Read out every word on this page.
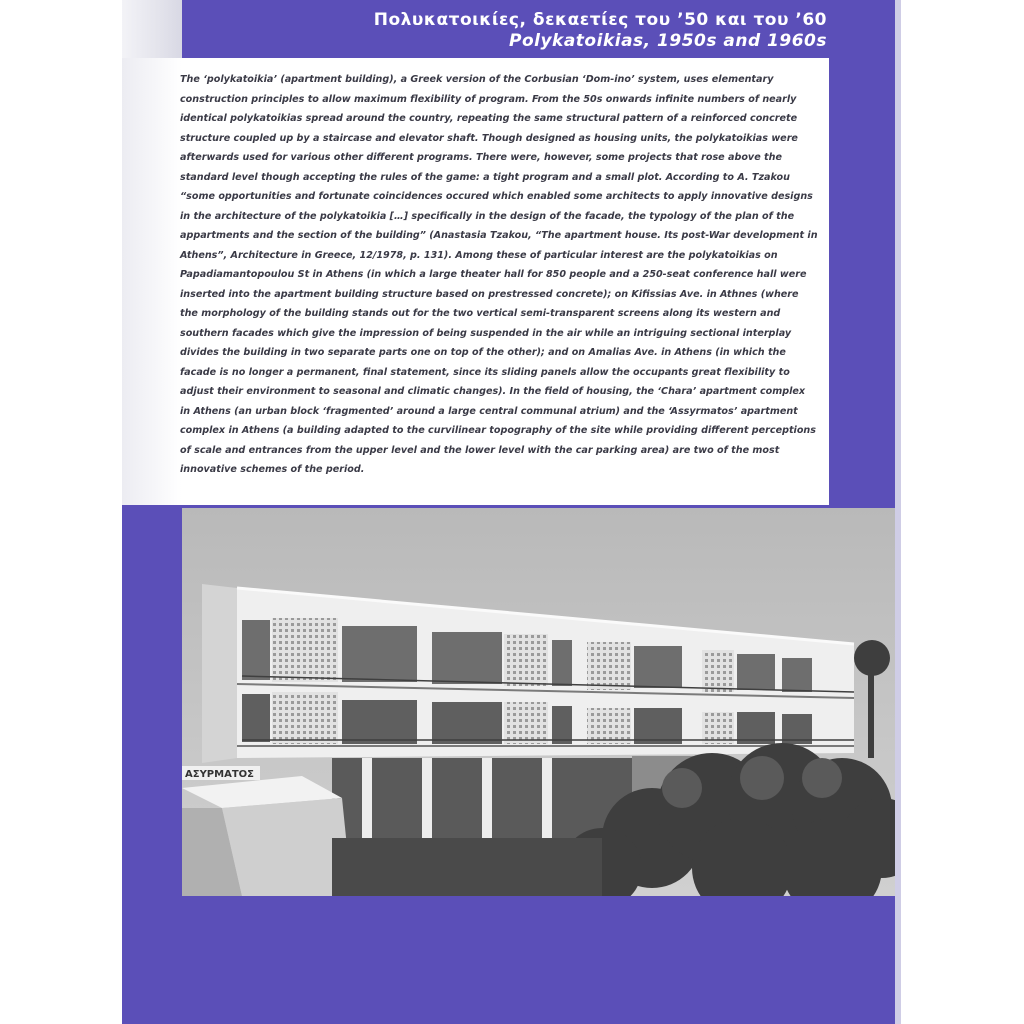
Πολυκατοικίες, δεκαετίες του ’50 και του ’60
Polykatoikias, 1950s and 1960s

The ‘polykatoikia’ (apartment building), a Greek version of the Corbusian ‘Dom-ino’ system, uses elementary construction principles to allow maximum flexibility of program. From the 50s onwards infinite numbers of nearly identical polykatoikias spread around the country, repeating the same structural pattern of a reinforced concrete structure coupled up by a staircase and elevator shaft. Though designed as housing units, the polykatoikias were afterwards used for various other different programs. There were, however, some projects that rose above the standard level though accepting the rules of the game: a tight program and a small plot. According to A. Tzakou “some opportunities and fortunate coincidences occured which enabled some architects to apply innovative designs in the architecture of the polykatoikia […] specifically in the design of the facade, the typology of the plan of the appartments and the section of the building” (Anastasia Tzakou, “The apartment house. Its post-War development in Athens”, Architecture in Greece, 12/1978, p. 131). Among these of particular interest are the polykatoikias on Papadiamantopoulou St in Athens (in which a large theater hall for 850 people and a 250-seat conference hall were inserted into the apartment building structure based on prestressed concrete); on Kifissias Ave. in Athnes (where the morphology of the building stands out for the two vertical semi-transparent screens along its western and southern facades which give the impression of being suspended in the air while an intriguing sectional interplay divides the building in two separate parts one on top of the other); and on Amalias Ave. in Athens (in which the facade is no longer a permanent, final statement, since its sliding panels allow the occupants great flexibility to adjust their environment to seasonal and climatic changes). In the field of housing, the ‘Chara’ apartment complex in Athens (an urban block ‘fragmented’ around a large central communal atrium) and the ‘Assyrmatos’ apartment complex in Athens (a building adapted to the curvilinear topography of the site while providing different perceptions of scale and entrances from the upper level and the lower level with the car parking area) are two of the most innovative schemes of the period.

ΑΣΥΡΜΑΤΟΣ
